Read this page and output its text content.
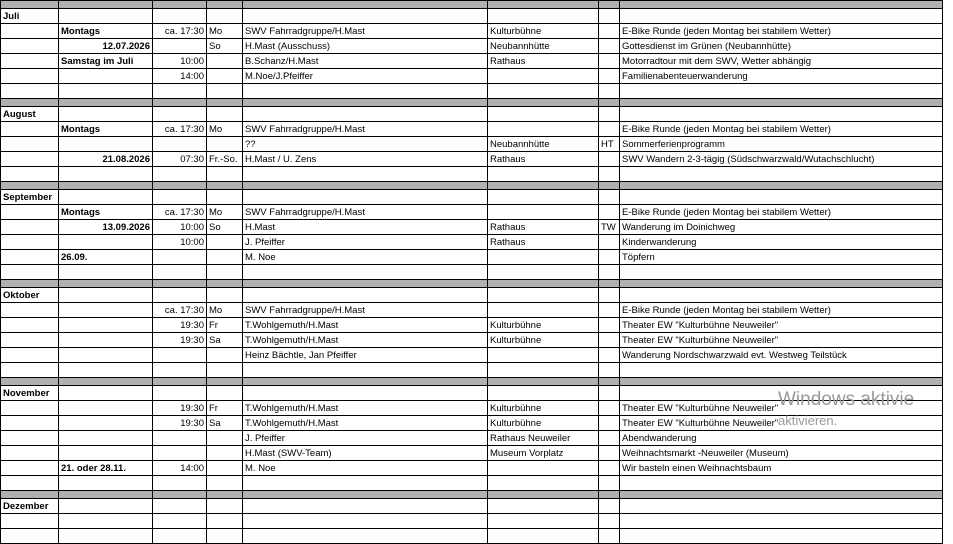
Juli							
	Montags	ca. 17:30	Mo	SWV Fahrradgruppe/H.Mast	Kulturbühne		E-Bike Runde (jeden Montag bei stabilem Wetter)
	12.07.2026		So	H.Mast (Ausschuss)	Neubannhütte		Gottesdienst im Grünen (Neubannhütte)
	Samstag im Juli	10:00		B.Schanz/H.Mast	Rathaus		Motorradtour mit dem SWV, Wetter abhängig
		14:00		M.Noe/J.Pfeiffer			Familienabenteuerwanderung

August							
	Montags	ca. 17:30	Mo	SWV Fahrradgruppe/H.Mast			E-Bike Runde (jeden Montag bei stabilem Wetter)
				??	Neubannhütte	HT	Sommerferienprogramm
	21.08.2026	07:30	Fr.-So.	H.Mast / U. Zens	Rathaus		SWV Wandern 2-3-tägig (Südschwarzwald/Wutachschlucht)

September							
	Montags	ca. 17:30	Mo	SWV Fahrradgruppe/H.Mast			E-Bike Runde (jeden Montag bei stabilem Wetter)
	13.09.2026	10:00	So	H.Mast	Rathaus	TW	Wanderung im Doinichweg
		10:00		J. Pfeiffer	Rathaus		Kinderwanderung
	26.09.			M. Noe			Töpfern

Oktober							
		ca. 17:30	Mo	SWV Fahrradgruppe/H.Mast			E-Bike Runde (jeden Montag bei stabilem Wetter)
		19:30	Fr	T.Wohlgemuth/H.Mast	Kulturbühne		Theater EW "Kulturbühne Neuweiler"
		19:30	Sa	T.Wohlgemuth/H.Mast	Kulturbühne		Theater EW "Kulturbühne Neuweiler"
				Heinz Bächtle, Jan Pfeiffer			Wanderung Nordschwarzwald evt. Westweg Teilstück

November							
		19:30	Fr	T.Wohlgemuth/H.Mast	Kulturbühne		Theater EW "Kulturbühne Neuweiler"
		19:30	Sa	T.Wohlgemuth/H.Mast	Kulturbühne		Theater EW "Kulturbühne Neuweiler"
				J. Pfeiffer	Rathaus Neuweiler		Abendwanderung
				H.Mast (SWV-Team)	Museum Vorplatz		Weihnachtsmarkt -Neuweiler (Museum)
	21. oder 28.11.	14:00		M. Noe			Wir basteln einen Weihnachtsbaum

Dezember							

Windows aktivie
aktivieren.
